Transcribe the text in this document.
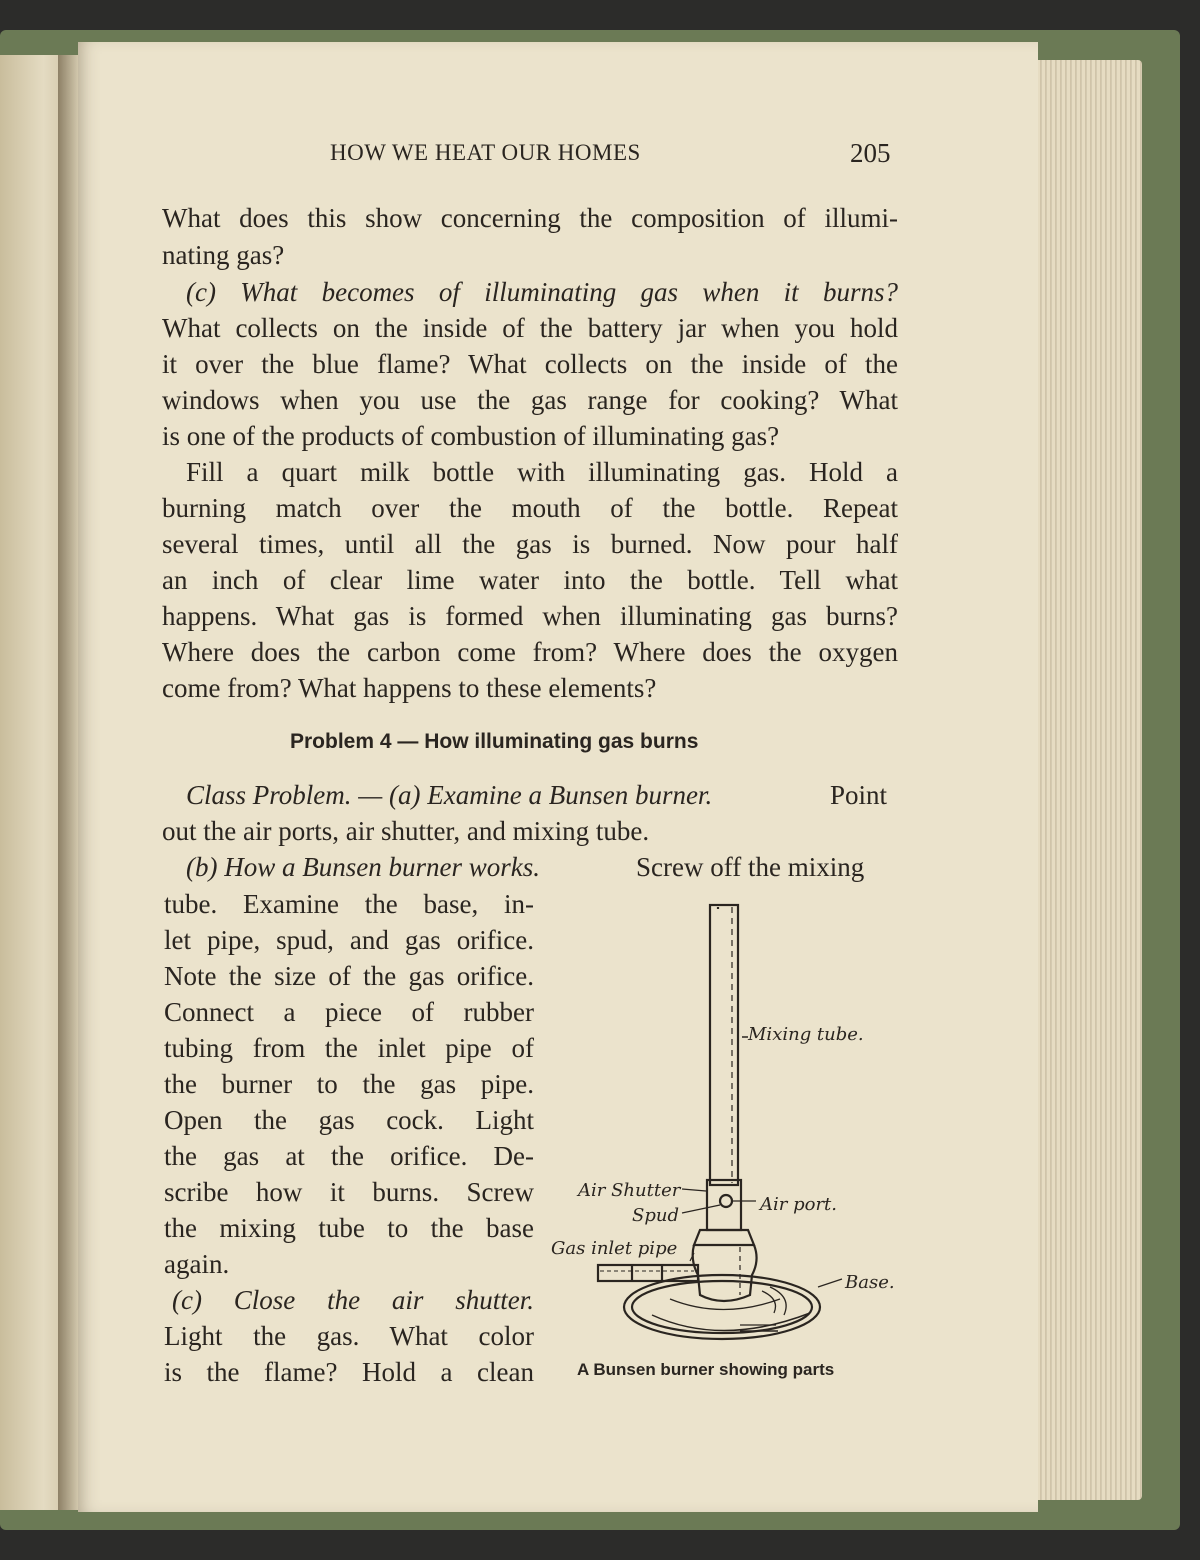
HOW WE HEAT OUR HOMES	205
What does this show concerning the composition of illumi-
nating gas?
(c) What becomes of illuminating gas when it burns?
What collects on the inside of the battery jar when you hold
it over the blue flame? What collects on the inside of the
windows when you use the gas range for cooking? What
is one of the products of combustion of illuminating gas?
Fill a quart milk bottle with illuminating gas. Hold a
burning match over the mouth of the bottle. Repeat
several times, until all the gas is burned. Now pour half
an inch of clear lime water into the bottle. Tell what
happens. What gas is formed when illuminating gas burns?
Where does the carbon come from? Where does the oxygen
come from? What happens to these elements?
Problem 4 — How illuminating gas burns
Class Problem. — (a) Examine a Bunsen burner.	Point
out the air ports, air shutter, and mixing tube.
(b) How a Bunsen burner works.	Screw off the mixing
tube. Examine the base, in-
let pipe, spud, and gas orifice.
Note the size of the gas orifice.
Connect a piece of rubber
tubing from the inlet pipe of
the burner to the gas pipe.
Open the gas cock. Light
the gas at the orifice. De-
scribe how it burns. Screw
the mixing tube to the base
again.
(c) Close the air shutter.
Light the gas. What color
is the flame? Hold a clean
Mixing tube.
Air Shutter
Air port.
Spud
Gas inlet pipe
Base.
A Bunsen burner showing parts
